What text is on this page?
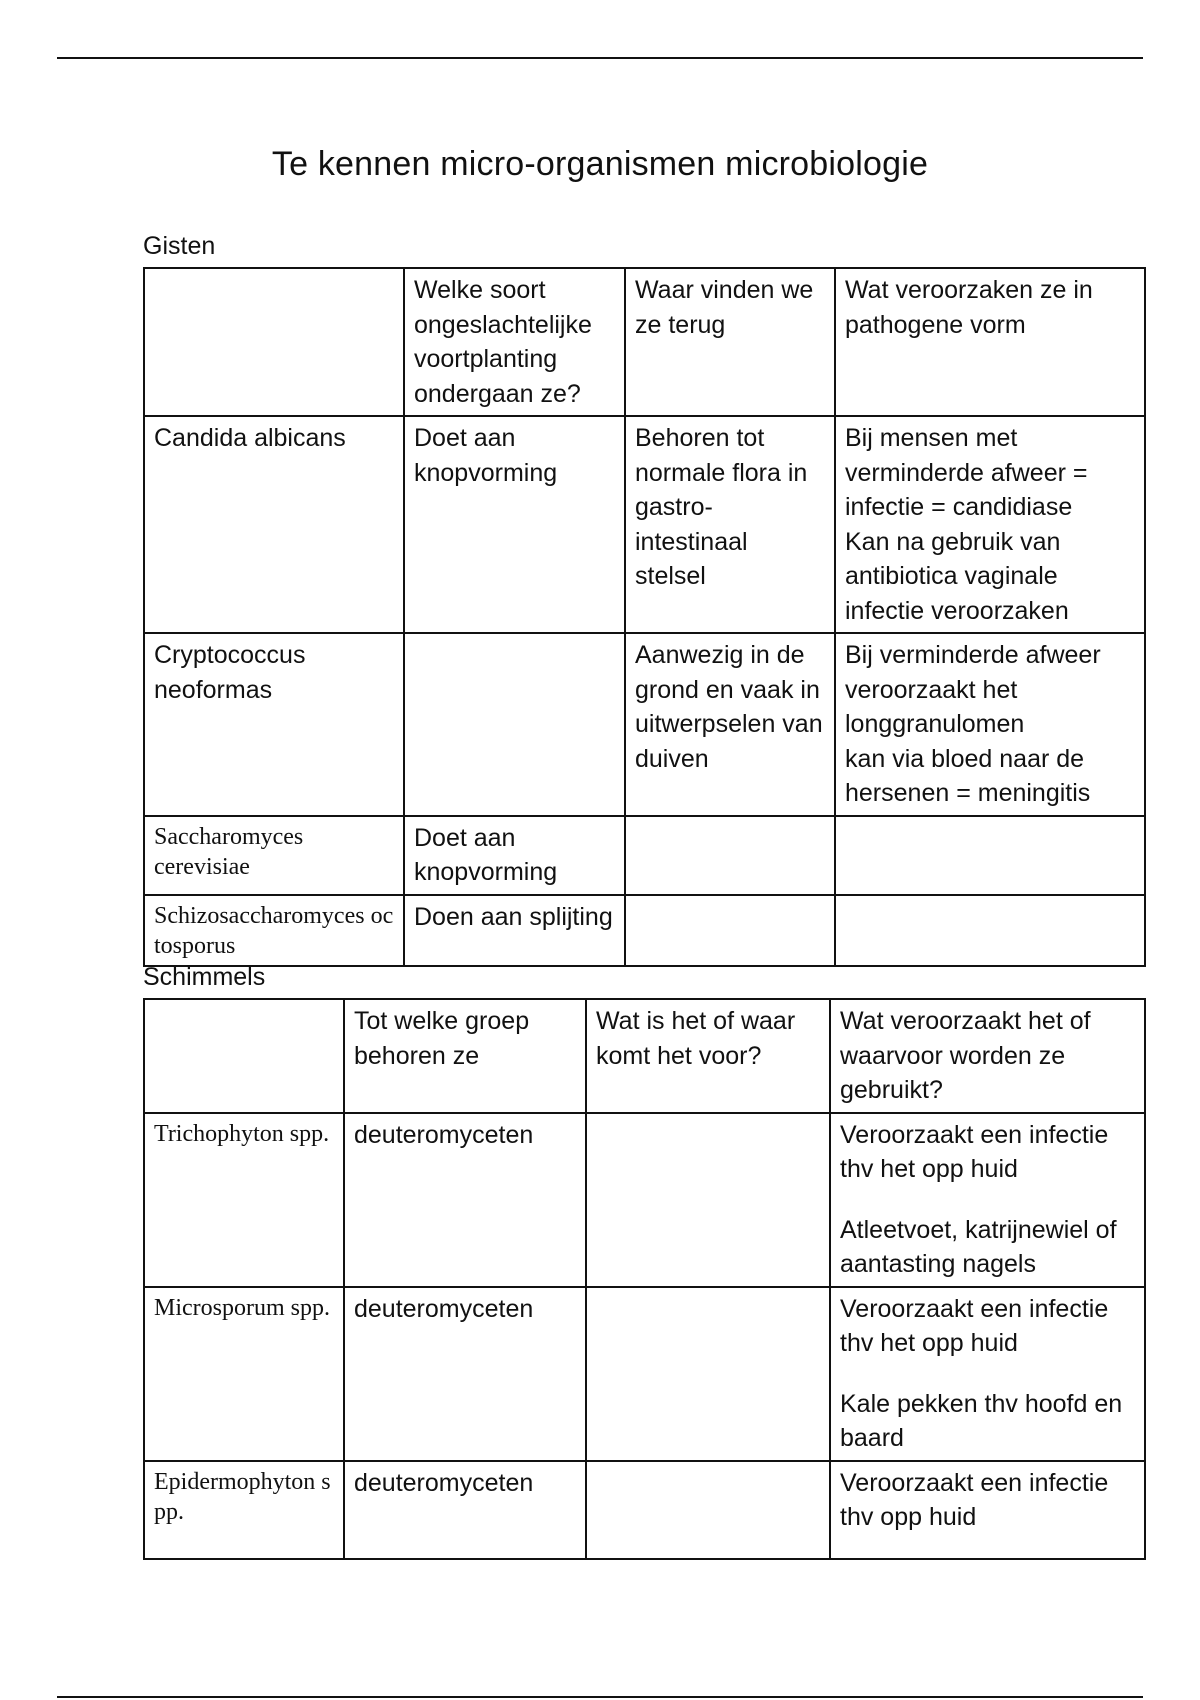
Te kennen micro-organismen microbiologie
Gisten
	Welke soort ongeslachtelijke voortplanting ondergaan ze?	Waar vinden we ze terug	Wat veroorzaken ze in pathogene vorm
Candida albicans	Doet aan knopvorming	Behoren tot normale flora in gastro-intestinaal stelsel	Bij mensen met verminderde afweer = infectie = candidiase
Kan na gebruik van antibiotica vaginale infectie veroorzaken

Cryptococcus neoformas		Aanwezig in de grond en vaak in uitwerpselen van duiven	Bij verminderde afweer veroorzaakt het longgranulomen
kan via bloed naar de hersenen = meningitis

Saccharomyces cerevisiae	Doet aan knopvorming		
Schizosaccharomyces octosporus	Doen aan splijting		
Schimmels
	Tot welke groep behoren ze	Wat is het of waar komt het voor?	Wat veroorzaakt het of waarvoor worden ze gebruikt?
Trichophyton spp.	deuteromyceten		Veroorzaakt een infectie thv het opp huid
Atleetvoet, katrijnewiel of aantasting nagels

Microsporum spp.	deuteromyceten		Veroorzaakt een infectie thv het opp huid
Kale pekken thv hoofd en baard

Epidermophyton spp.	deuteromyceten		Veroorzaakt een infectie thv opp huid
